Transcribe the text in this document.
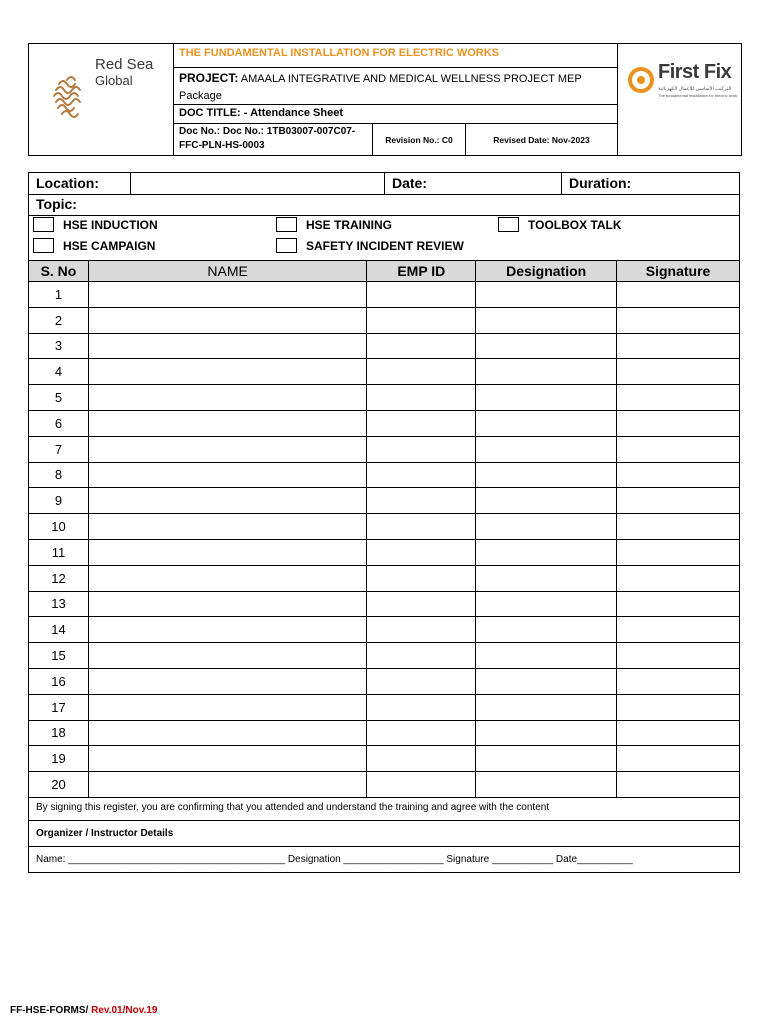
Red Sea
Global
THE FUNDAMENTAL INSTALLATION FOR ELECTRIC WORKS
PROJECT: AMAALA INTEGRATIVE AND MEDICAL WELLNESS PROJECT MEP Package
DOC TITLE: - Attendance Sheet
Doc No.: Doc No.: 1TB03007-007C07-FFC-PLN-HS-0003
Revision No.: C0	Revised Date: Nov-2023
First Fix
التركيب الأساسي للأعمال الكهربائية
The fundamental installation for electric work
Location:	Date:	Duration:
Topic:
HSE INDUCTION	HSE TRAINING	TOOLBOX TALK
HSE CAMPAIGN	SAFETY INCIDENT REVIEW
S. No	NAME	EMP ID	Designation	Signature
1				
2				
3				
4				
5				
6				
7				
8				
9				
10				
11				
12				
13				
14				
15				
16				
17				
18				
19				
20				
By signing this register, you are confirming that you attended and understand the training and agree with the content
Organizer / Instructor Details
Name: _______________________________________ Designation __________________ Signature ___________ Date__________
FF-HSE-FORMS/ Rev.01/Nov.19
